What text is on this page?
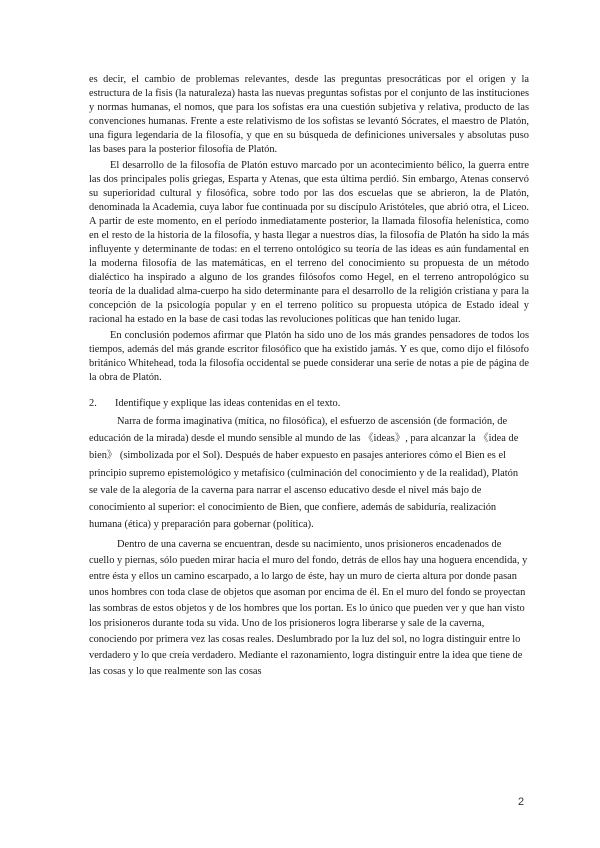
es decir, el cambio de problemas relevantes, desde las preguntas presocráticas por el origen y la estructura de la fisis (la naturaleza) hasta las nuevas preguntas sofistas por el conjunto de las instituciones y normas humanas, el nomos, que para los sofistas era una cuestión subjetiva y relativa, producto de las convenciones humanas. Frente a este relativismo de los sofistas se levantó Sócrates, el maestro de Platón, una figura legendaria de la filosofía, y que en su búsqueda de definiciones universales y absolutas puso las bases para la posterior filosofía de Platón.

El desarrollo de la filosofía de Platón estuvo marcado por un acontecimiento bélico, la guerra entre las dos principales polis griegas, Esparta y Atenas, que esta última perdió. Sin embargo, Atenas conservó su superioridad cultural y filosófica, sobre todo por las dos escuelas que se abrieron, la de Platón, denominada la Academia, cuya labor fue continuada por su discípulo Aristóteles, que abrió otra, el Liceo. A partir de este momento, en el período inmediatamente posterior, la llamada filosofía helenística, como en el resto de la historia de la filosofía, y hasta llegar a nuestros días, la filosofía de Platón ha sido la más influyente y determinante de todas: en el terreno ontológico su teoría de las ideas es aún fundamental en la moderna filosofía de las matemáticas, en el terreno del conocimiento su propuesta de un método dialéctico ha inspirado a alguno de los grandes filósofos como Hegel, en el terreno antropológico su teoría de la dualidad alma-cuerpo ha sido determinante para el desarrollo de la religión cristiana y para la concepción de la psicología popular y en el terreno político su propuesta utópica de Estado ideal y racional ha estado en la base de casi todas las revoluciones políticas que han tenido lugar.

En conclusión podemos afirmar que Platón ha sido uno de los más grandes pensadores de todos los tiempos, además del más grande escritor filosófico que ha existido jamás. Y es que, como dijo el filósofo británico Whitehead, toda la filosofía occidental se puede considerar una serie de notas a pie de página de la obra de Platón.

2.	Identifique y explique las ideas contenidas en el texto.

Narra de forma imaginativa (mítica, no filosófica), el esfuerzo de ascensión (de formación, de educación de la mirada) desde el mundo sensible al mundo de las 《ideas》, para alcanzar la 《idea de bien》 (simbolizada por el Sol). Después de haber expuesto en pasajes anteriores cómo el Bien es el principio supremo epistemológico y metafísico (culminación del conocimiento y de la realidad), Platón se vale de la alegoría de la caverna para narrar el ascenso educativo desde el nivel más bajo de conocimiento al superior: el conocimiento de Bien, que confiere, además de sabiduría, realización humana (ética) y preparación para gobernar (política).

Dentro de una caverna se encuentran, desde su nacimiento, unos prisioneros encadenados de cuello y piernas, sólo pueden mirar hacia el muro del fondo, detrás de ellos hay una hoguera encendida, y entre ésta y ellos un camino escarpado, a lo largo de éste, hay un muro de cierta altura por donde pasan unos hombres con toda clase de objetos que asoman por encima de él. En el muro del fondo se proyectan las sombras de estos objetos y de los hombres que los portan. Es lo único que pueden ver y que han visto los prisioneros durante toda su vida. Uno de los prisioneros logra liberarse y sale de la caverna, conociendo por primera vez las cosas reales. Deslumbrado por la luz del sol, no logra distinguir entre lo verdadero y lo que creía verdadero. Mediante el razonamiento, logra distinguir entre la idea que tiene de las cosas y lo que realmente son las cosas

2
